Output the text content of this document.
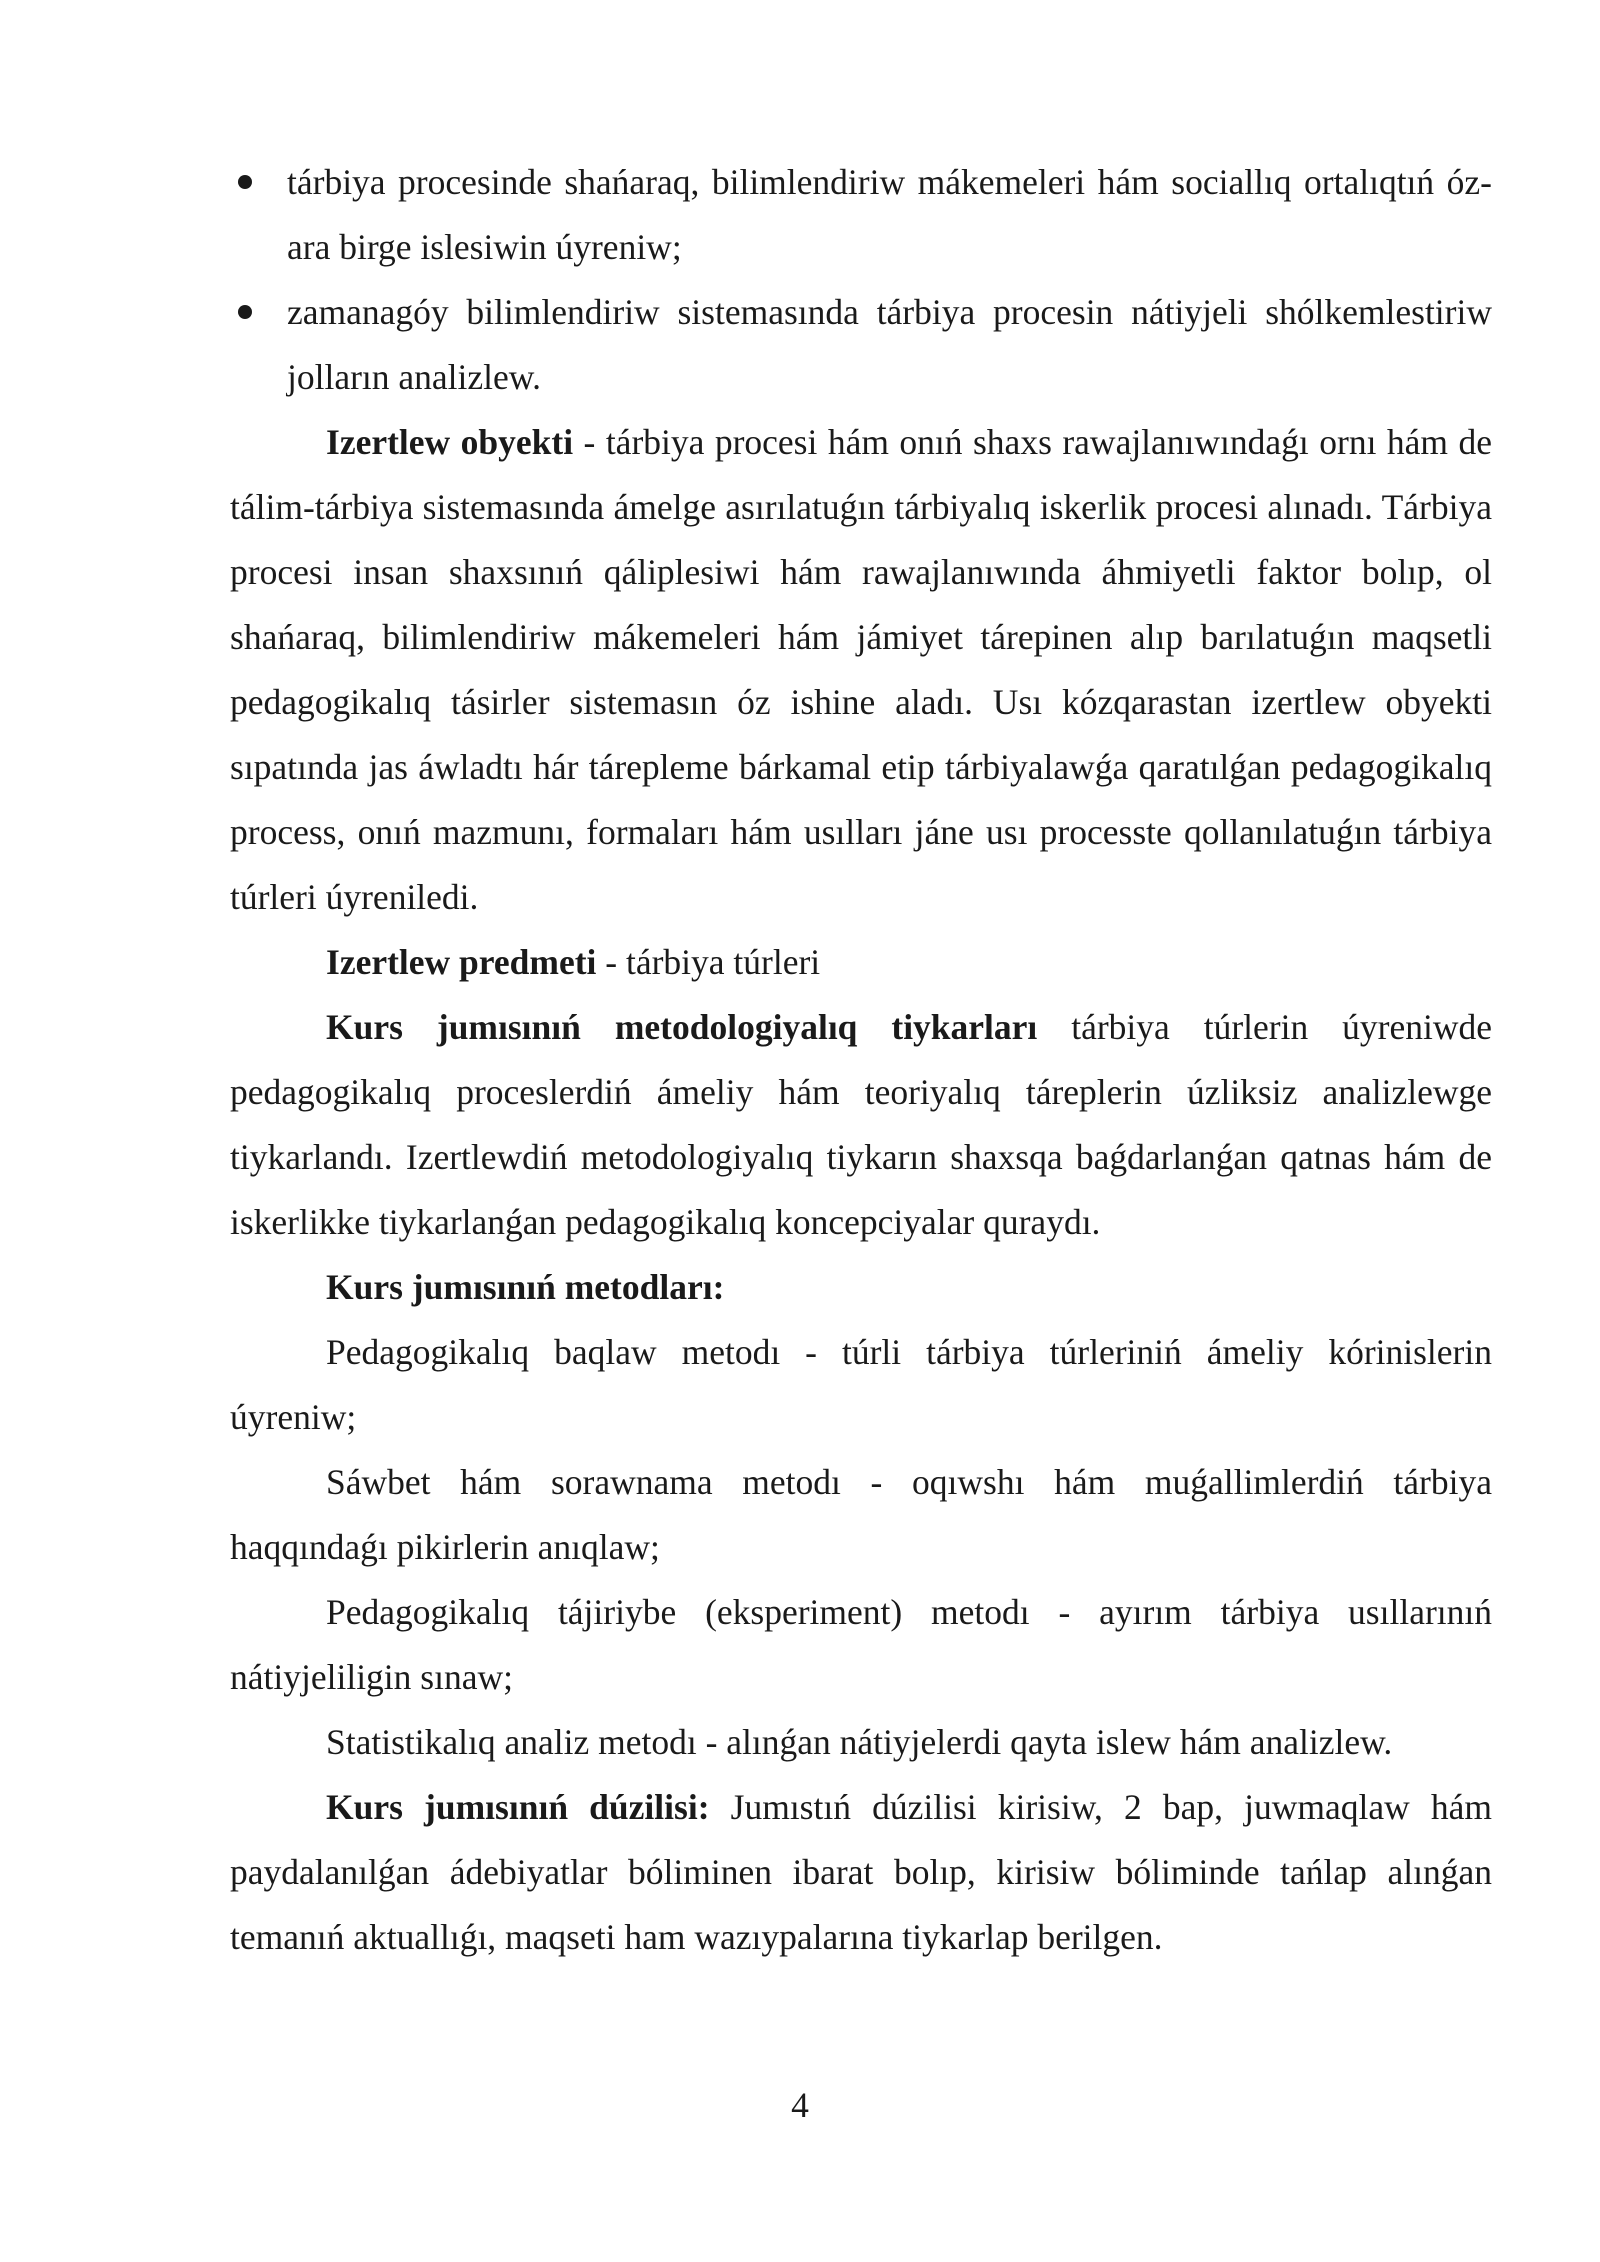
tárbiya procesinde shańaraq, bilimlendiriw mákemeleri hám sociallıq ortalıqtıń óz-ara birge islesiwin úyreniw;
zamanagóy bilimlendiriw sistemasında tárbiya procesin nátiyjeli shólkemlestiriw jolların analizlew.

Izertlew obyekti - tárbiya procesi hám onıń shaxs rawajlanıwındaǵı ornı hám de tálim-tárbiya sistemasında ámelge asırılatuǵın tárbiyalıq iskerlik procesi alınadı. Tárbiya procesi insan shaxsınıń qáliplesiwi hám rawajlanıwında áhmiyetli faktor bolıp, ol shańaraq, bilimlendiriw mákemeleri hám jámiyet tárepinen alıp barılatuǵın maqsetli pedagogikalıq tásirler sistemasın óz ishine aladı. Usı kózqarastan izertlew obyekti sıpatında jas áwladtı hár tárepleme bárkamal etip tárbiyalawǵa qaratılǵan pedagogikalıq process, onıń mazmunı, formaları hám usılları jáne usı processte qollanılatuǵın tárbiya túrleri úyreniledi.

Izertlew predmeti - tárbiya túrleri

Kurs jumısınıń metodologiyalıq tiykarları tárbiya túrlerin úyreniwde pedagogikalıq proceslerdiń ámeliy hám teoriyalıq táreplerin úzliksiz analizlewge tiykarlandı. Izertlewdiń metodologiyalıq tiykarın shaxsqa baǵdarlanǵan qatnas hám de iskerlikke tiykarlanǵan pedagogikalıq koncepciyalar quraydı.

Kurs jumısınıń metodları:

Pedagogikalıq baqlaw metodı - túrli tárbiya túrleriniń ámeliy kórinislerin úyreniw;

Sáwbet hám sorawnama metodı - oqıwshı hám muǵallimlerdiń tárbiya haqqındaǵı pikirlerin anıqlaw;

Pedagogikalıq tájiriybe (eksperiment) metodı - ayırım tárbiya usıllarınıń nátiyjeliligin sınaw;

Statistikalıq analiz metodı - alınǵan nátiyjelerdi qayta islew hám analizlew.

Kurs jumısınıń dúzilisi: Jumıstıń dúzilisi kirisiw, 2 bap, juwmaqlaw hám paydalanılǵan ádebiyatlar bóliminen ibarat bolıp, kirisiw bóliminde tańlap alınǵan temanıń aktuallıǵı, maqseti ham wazıypalarına tiykarlap berilgen.

4
